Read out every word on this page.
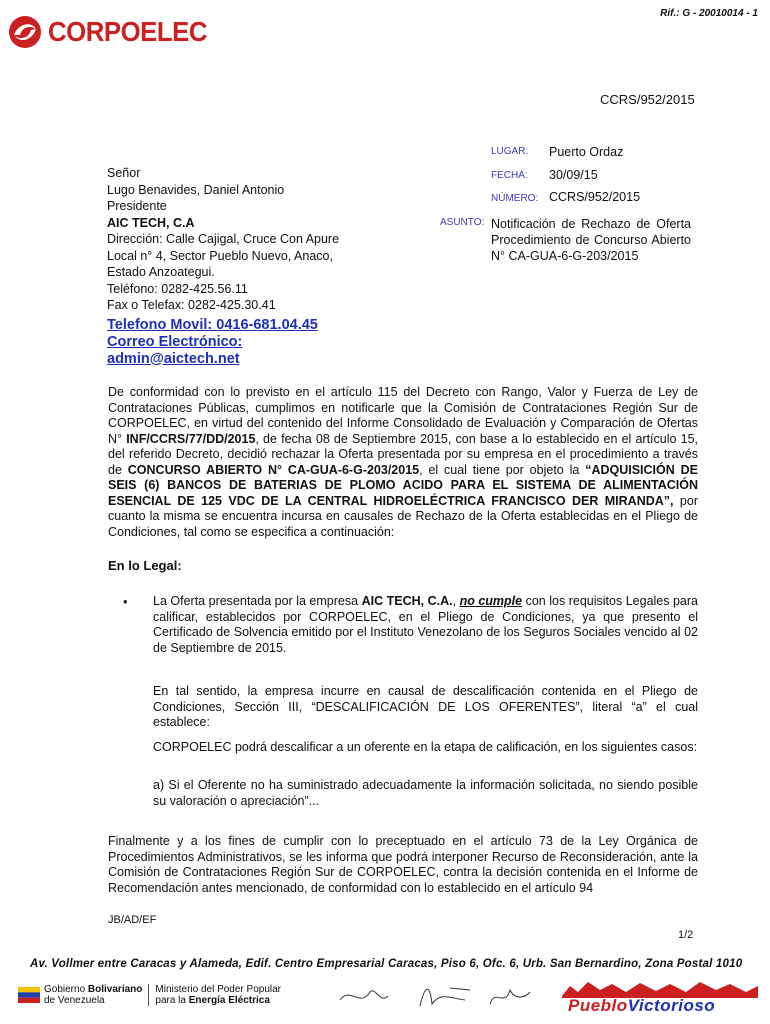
CORPOELEC
Rif.: G - 20010014 - 1
CCRS/952/2015
LUGAR: Puerto Ordaz
FECHA: 30/09/15
NÚMERO: CCRS/952/2015
ASUNTO: Notificación de Rechazo de Oferta Procedimiento de Concurso Abierto N° CA-GUA-6-G-203/2015
Señor
Lugo Benavides, Daniel Antonio
Presidente
AIC TECH, C.A
Dirección: Calle Cajigal, Cruce Con Apure
Local n° 4, Sector Pueblo Nuevo, Anaco,
Estado Anzoategui.
Teléfono: 0282-425.56.11
Fax o Telefax: 0282-425.30.41
Telefono Movil: 0416-681.04.45
Correo Electrónico:
admin@aictech.net
De conformidad con lo previsto en el artículo 115 del Decreto con Rango, Valor y Fuerza de Ley de Contrataciones Públicas, cumplimos en notificarle que la Comisión de Contrataciones Región Sur de CORPOELEC, en virtud del contenido del Informe Consolidado de Evaluación y Comparación de Ofertas N° INF/CCRS/77/DD/2015, de fecha 08 de Septiembre 2015, con base a lo establecido en el artículo 15, del referido Decreto, decidió rechazar la Oferta presentada por su empresa en el procedimiento a través de CONCURSO ABIERTO N° CA-GUA-6-G-203/2015, el cual tiene por objeto la “ADQUISICIÓN DE SEIS (6) BANCOS DE BATERIAS DE PLOMO ACIDO PARA EL SISTEMA DE ALIMENTACIÓN ESENCIAL DE 125 VDC DE LA CENTRAL HIDROELÉCTRICA FRANCISCO DER MIRANDA”, por cuanto la misma se encuentra incursa en causales de Rechazo de la Oferta establecidas en el Pliego de Condiciones, tal como se especifica a continuación:
En lo Legal:
• La Oferta presentada por la empresa AIC TECH, C.A., no cumple con los requisitos Legales para calificar, establecidos por CORPOELEC, en el Pliego de Condiciones, ya que presento el Certificado de Solvencia emitido por el Instituto Venezolano de los Seguros Sociales vencido al 02 de Septiembre de 2015.
En tal sentido, la empresa incurre en causal de descalificación contenida en el Pliego de Condiciones, Sección III, “DESCALIFICACIÓN DE LOS OFERENTES”, literal “a” el cual establece:
CORPOELEC podrá descalificar a un oferente en la etapa de calificación, en los siguientes casos:
a) Si el Oferente no ha suministrado adecuadamente la información solicitada, no siendo posible su valoración o apreciación”...
Finalmente y a los fines de cumplir con lo preceptuado en el artículo 73 de la Ley Orgánica de Procedimientos Administrativos, se les informa que podrá interponer Recurso de Reconsideración, ante la Comisión de Contrataciones Región Sur de CORPOELEC, contra la decisión contenida en el Informe de Recomendación antes mencionado, de conformidad con lo establecido en el artículo 94
JB/AD/EF
1/2
Av. Vollmer entre Caracas y Alameda, Edif. Centro Empresarial Caracas, Piso 6, Ofc. 6, Urb. San Bernardino, Zona Postal 1010
Gobierno Bolivariano
de Venezuela
Ministerio del Poder Popular
para la Energía Eléctrica	PuebloVictorioso
